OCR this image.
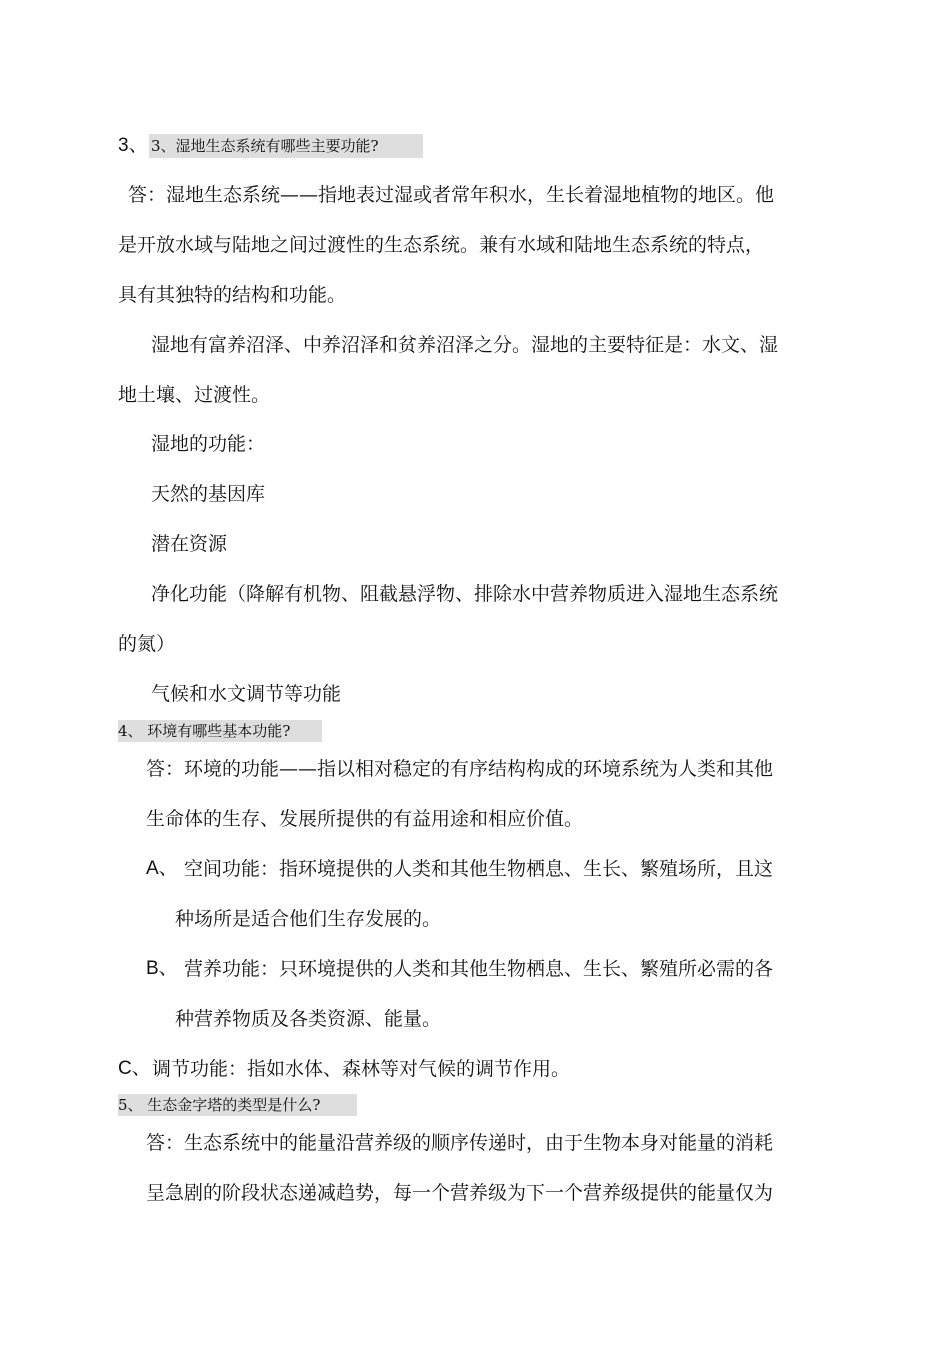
3、 3、湿地生态系统有哪些主要功能?
答：湿地生态系统——指地表过湿或者常年积水，生长着湿地植物的地区。他
是开放水域与陆地之间过渡性的生态系统。兼有水域和陆地生态系统的特点，
具有其独特的结构和功能。
湿地有富养沼泽、中养沼泽和贫养沼泽之分。湿地的主要特征是：水文、湿
地土壤、过渡性。
湿地的功能：
天然的基因库
潜在资源
净化功能（降解有机物、阻截悬浮物、排除水中营养物质进入湿地生态系统
的氮）
气候和水文调节等功能
4、 环境有哪些基本功能?
答：环境的功能——指以相对稳定的有序结构构成的环境系统为人类和其他
生命体的生存、发展所提供的有益用途和相应价值。
A、 空间功能：指环境提供的人类和其他生物栖息、生长、繁殖场所，且这
种场所是适合他们生存发展的。
B、 营养功能：只环境提供的人类和其他生物栖息、生长、繁殖所必需的各
种营养物质及各类资源、能量。
C、 调节功能：指如水体、森林等对气候的调节作用。
5、 生态金字塔的类型是什么?
答：生态系统中的能量沿营养级的顺序传递时，由于生物本身对能量的消耗
呈急剧的阶段状态递减趋势，每一个营养级为下一个营养级提供的能量仅为
